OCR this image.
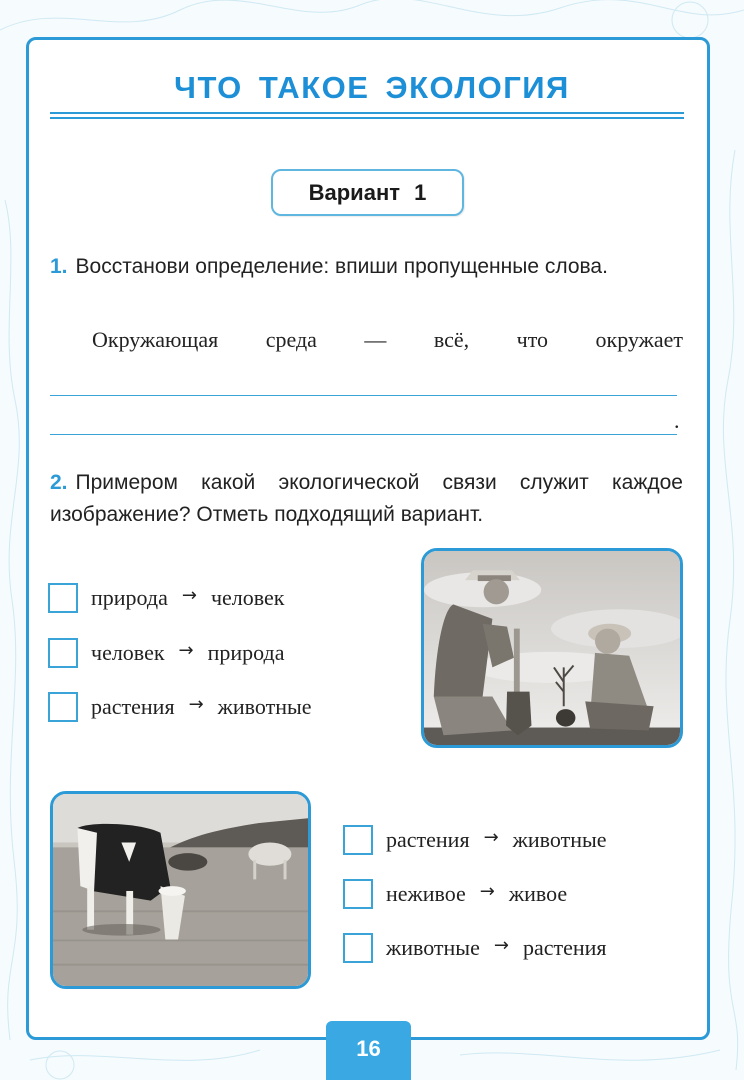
ЧТО ТАКОЕ ЭКОЛОГИЯ
Вариант 1
1. Восстанови определение: впиши пропущенные слова.
Окружающая среда — всё, что окружает
.
2. Примером какой экологической связи служит каждое изображение? Отметь подходящий вариант.
природа → человек
человек → природа
растения → животные
растения → животные
неживое → живое
животные → растения
16
